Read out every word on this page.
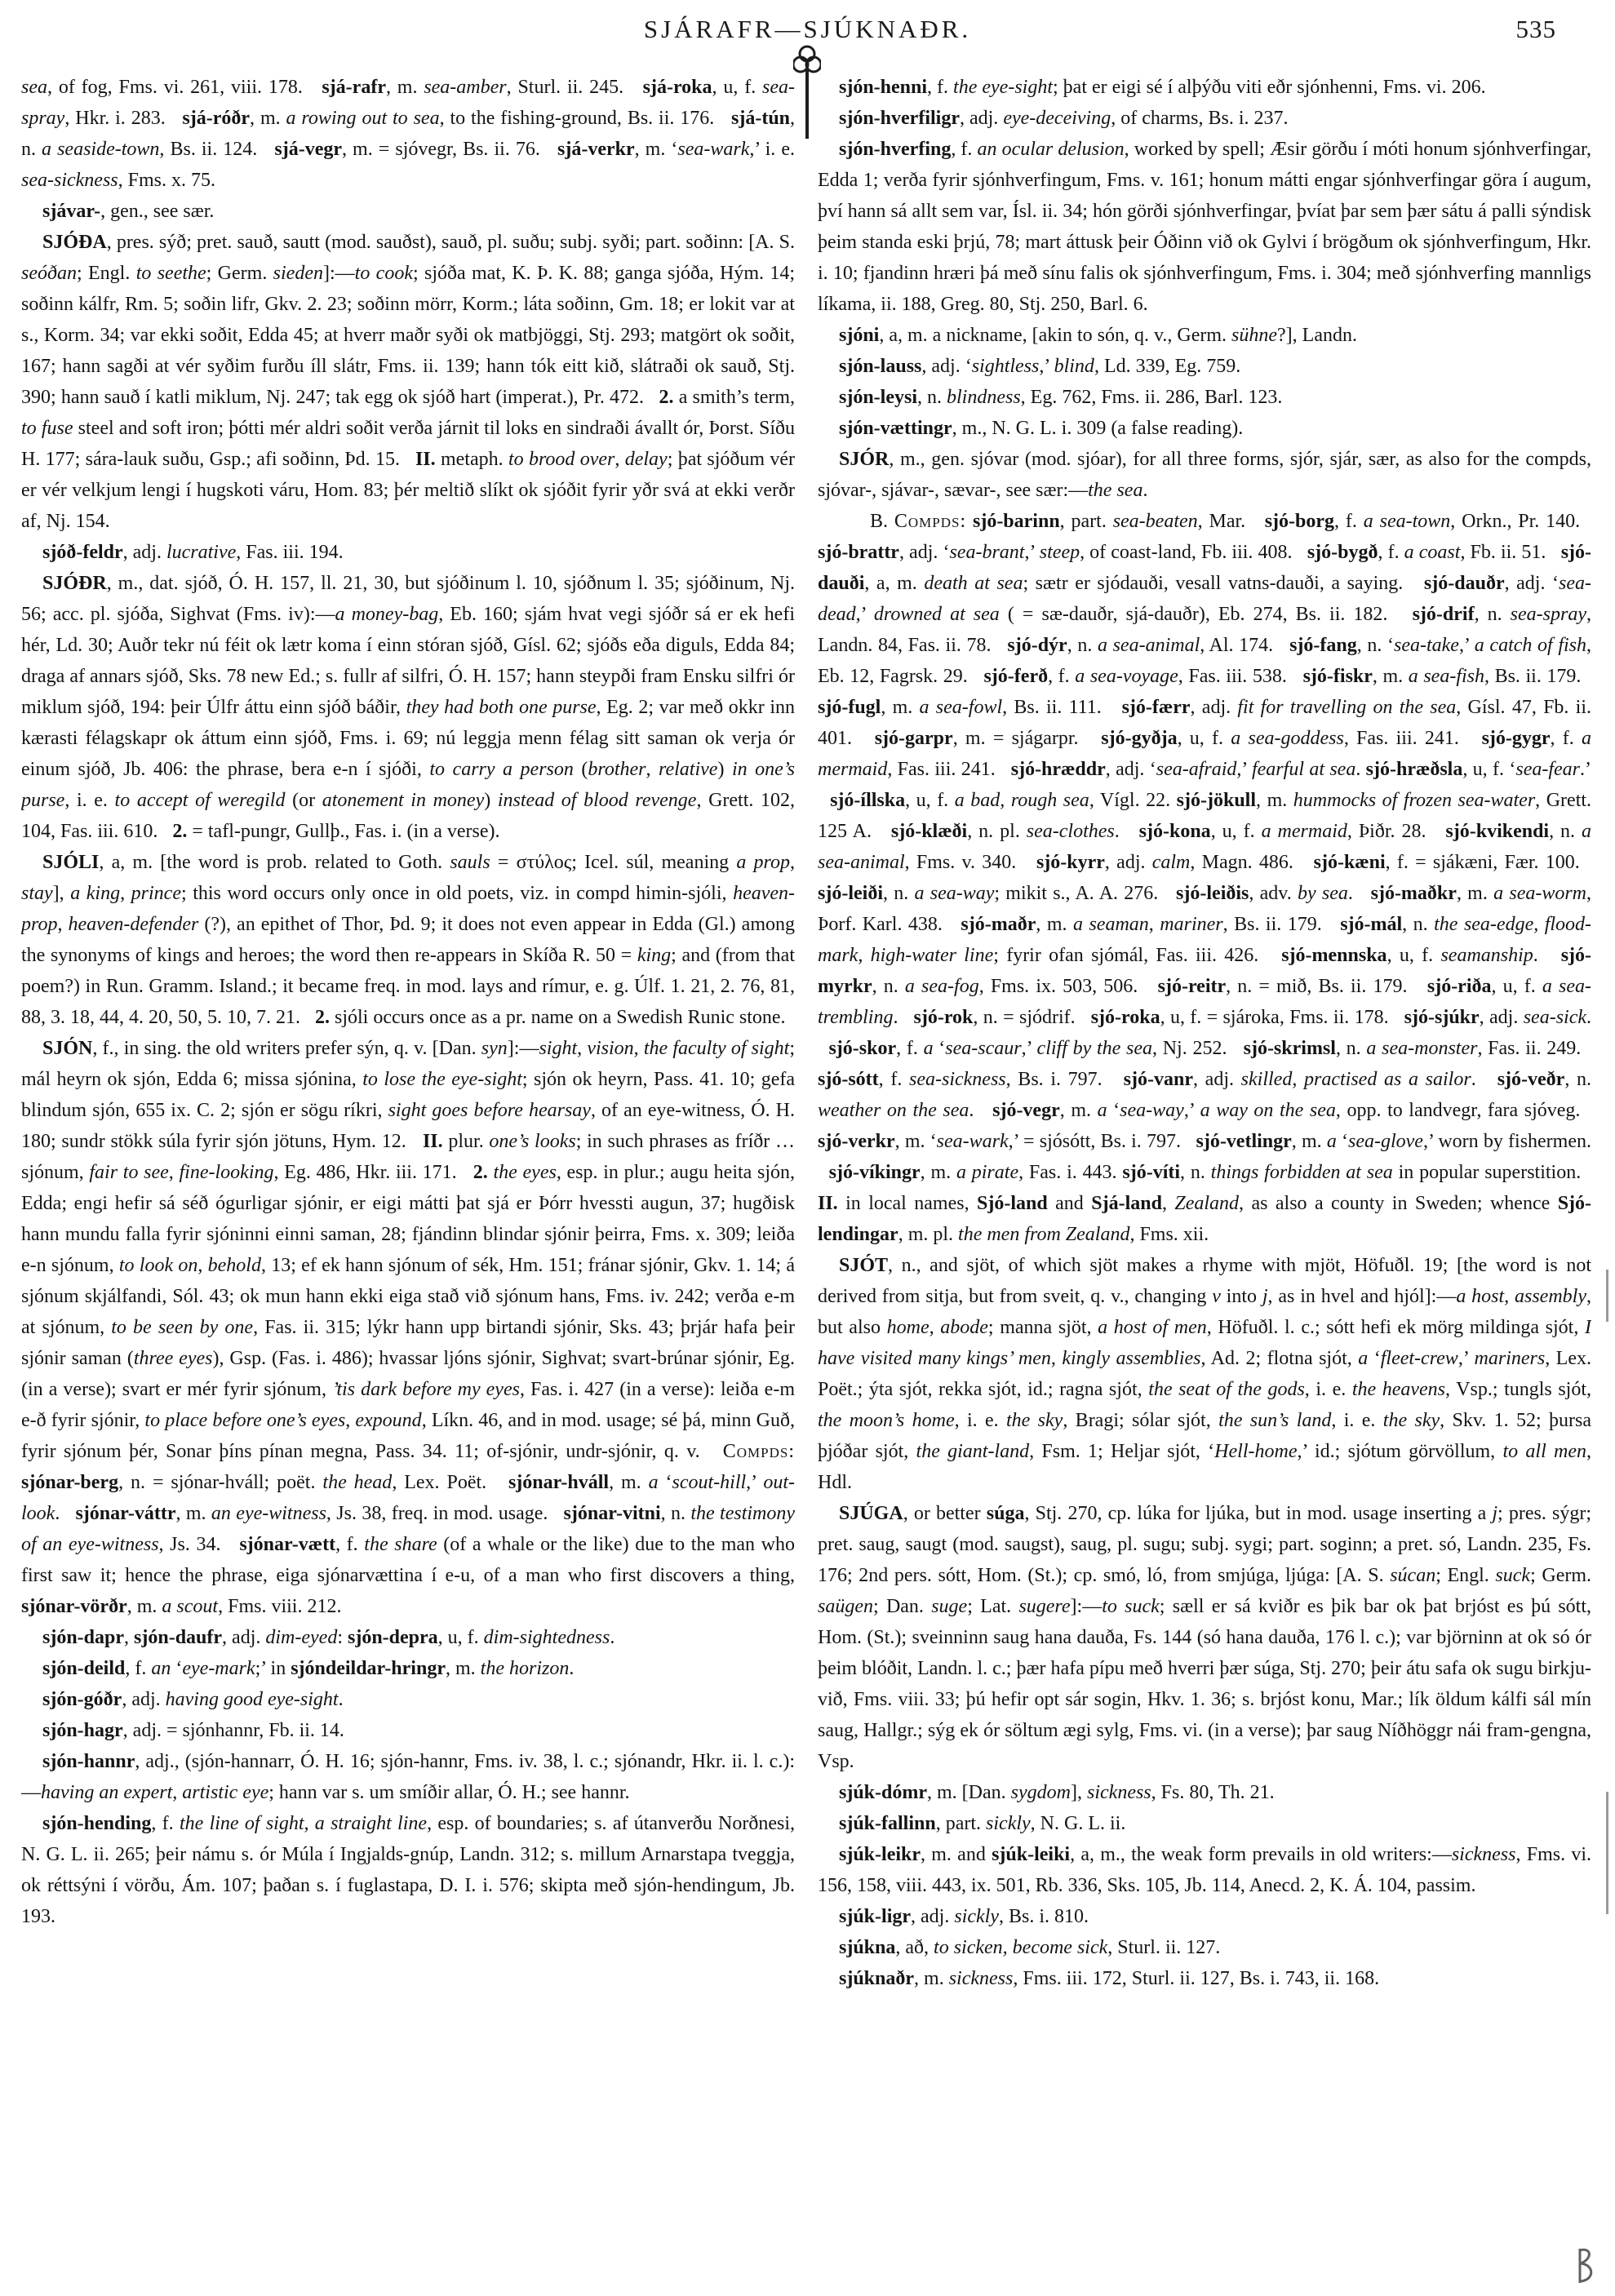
SJÁRAFR—SJÚKNAÐR.	535

sea, of fog, Fms. vi. 261, viii. 178.   sjá-rafr, m. sea-amber, Sturl. ii. 245.   sjá-roka, u, f. sea-spray, Hkr. i. 283.   sjá-róðr, m. a rowing out to sea, to the fishing-ground, Bs. ii. 176.   sjá-tún, n. a seaside-town, Bs. ii. 124.   sjá-vegr, m. = sjóvegr, Bs. ii. 76.   sjá-verkr, m. ‘sea-wark,’ i. e. sea-sickness, Fms. x. 75.

sjávar-, gen., see sær.

SJÓÐA, pres. sýð; pret. sauð, sautt (mod. sauðst), sauð, pl. suðu; subj. syði; part. soðinn: [A. S. seóðan; Engl. to seethe; Germ. sieden]:—to cook; sjóða mat, K. Þ. K. 88; ganga sjóða, Hým. 14; soðinn kálfr, Rm. 5; soðin lifr, Gkv. 2. 23; soðinn mörr, Korm.; láta soðinn, Gm. 18; er lokit var at s., Korm. 34; var ekki soðit, Edda 45; at hverr maðr syði ok matbjöggi, Stj. 293; matgört ok soðit, 167; hann sagði at vér syðim furðu íll slátr, Fms. ii. 139; hann tók eitt kið, slátraði ok sauð, Stj. 390; hann sauð í katli miklum, Nj. 247; tak egg ok sjóð hart (imperat.), Pr. 472.   2. a smith’s term, to fuse steel and soft iron; þótti mér aldri soðit verða járnit til loks en sindraði ávallt ór, Þorst. Síðu H. 177; sára-lauk suðu, Gsp.; afi soðinn, Þd. 15.   II. metaph. to brood over, delay; þat sjóðum vér er vér velkjum lengi í hugskoti váru, Hom. 83; þér meltið slíkt ok sjóðit fyrir yðr svá at ekki verðr af, Nj. 154.

sjóð-feldr, adj. lucrative, Fas. iii. 194.

SJÓÐR, m., dat. sjóð, Ó. H. 157, ll. 21, 30, but sjóðinum l. 10, sjóðnum l. 35; sjóðinum, Nj. 56; acc. pl. sjóða, Sighvat (Fms. iv):—a money-bag, Eb. 160; sjám hvat vegi sjóðr sá er ek hefi hér, Ld. 30; Auðr tekr nú féit ok lætr koma í einn stóran sjóð, Gísl. 62; sjóðs eða diguls, Edda 84; draga af annars sjóð, Sks. 78 new Ed.; s. fullr af silfri, Ó. H. 157; hann steypði fram Ensku silfri ór miklum sjóð, 194: þeir Úlfr áttu einn sjóð báðir, they had both one purse, Eg. 2; var með okkr inn kærasti félagskapr ok áttum einn sjóð, Fms. i. 69; nú leggja menn félag sitt saman ok verja ór einum sjóð, Jb. 406: the phrase, bera e-n í sjóði, to carry a person (brother, relative) in one’s purse, i. e. to accept of weregild (or atonement in money) instead of blood revenge, Grett. 102, 104, Fas. iii. 610.   2. = tafl-pungr, Gullþ., Fas. i. (in a verse).

SJÓLI, a, m. [the word is prob. related to Goth. sauls = στύλος; Icel. súl, meaning a prop, stay], a king, prince; this word occurs only once in old poets, viz. in compd himin-sjóli, heaven-prop, heaven-defender (?), an epithet of Thor, Þd. 9; it does not even appear in Edda (Gl.) among the synonyms of kings and heroes; the word then re-appears in Skíða R. 50 = king; and (from that poem?) in Run. Gramm. Island.; it became freq. in mod. lays and rímur, e. g. Úlf. 1. 21, 2. 76, 81, 88, 3. 18, 44, 4. 20, 50, 5. 10, 7. 21.   2. sjóli occurs once as a pr. name on a Swedish Runic stone.

SJÓN, f., in sing. the old writers prefer sýn, q. v. [Dan. syn]:—sight, vision, the faculty of sight; mál heyrn ok sjón, Edda 6; missa sjónina, to lose the eye-sight; sjón ok heyrn, Pass. 41. 10; gefa blindum sjón, 655 ix. C. 2; sjón er sögu ríkri, sight goes before hearsay, of an eye-witness, Ó. H. 180; sundr stökk súla fyrir sjón jötuns, Hym. 12.   II. plur. one’s looks; in such phrases as fríðr … sjónum, fair to see, fine-looking, Eg. 486, Hkr. iii. 171.   2. the eyes, esp. in plur.; augu heita sjón, Edda; engi hefir sá séð ógurligar sjónir, er eigi mátti þat sjá er Þórr hvessti augun, 37; hugðisk hann mundu falla fyrir sjóninni einni saman, 28; fjándinn blindar sjónir þeirra, Fms. x. 309; leiða e-n sjónum, to look on, behold, 13; ef ek hann sjónum of sék, Hm. 151; fránar sjónir, Gkv. 1. 14; á sjónum skjálfandi, Sól. 43; ok mun hann ekki eiga stað við sjónum hans, Fms. iv. 242; verða e-m at sjónum, to be seen by one, Fas. ii. 315; lýkr hann upp birtandi sjónir, Sks. 43; þrjár hafa þeir sjónir saman (three eyes), Gsp. (Fas. i. 486); hvassar ljóns sjónir, Sighvat; svart-brúnar sjónir, Eg. (in a verse); svart er mér fyrir sjónum, ’tis dark before my eyes, Fas. i. 427 (in a verse): leiða e-m e-ð fyrir sjónir, to place before one’s eyes, expound, Líkn. 46, and in mod. usage; sé þá, minn Guð, fyrir sjónum þér, Sonar þíns pínan megna, Pass. 34. 11; of-sjónir, undr-sjónir, q. v.   Compds: sjónar-berg, n. = sjónar-hváll; poët. the head, Lex. Poët.   sjónar-hváll, m. a ‘scout-hill,’ out-look.   sjónar-váttr, m. an eye-witness, Js. 38, freq. in mod. usage.   sjónar-vitni, n. the testimony of an eye-witness, Js. 34.   sjónar-vætt, f. the share (of a whale or the like) due to the man who first saw it; hence the phrase, eiga sjónarvættina í e-u, of a man who first discovers a thing, sjónar-vörðr, m. a scout, Fms. viii. 212.

sjón-dapr, sjón-daufr, adj. dim-eyed: sjón-depra, u, f. dim-sightedness.

sjón-deild, f. an ‘eye-mark;’ in sjóndeildar-hringr, m. the horizon.

sjón-góðr, adj. having good eye-sight.

sjón-hagr, adj. = sjónhannr, Fb. ii. 14.

sjón-hannr, adj., (sjón-hannarr, Ó. H. 16; sjón-hannr, Fms. iv. 38, l. c.; sjónandr, Hkr. ii. l. c.):—having an expert, artistic eye; hann var s. um smíðir allar, Ó. H.; see hannr.

sjón-hending, f. the line of sight, a straight line, esp. of boundaries; s. af útanverðu Norðnesi, N. G. L. ii. 265; þeir námu s. ór Múla í Ingjalds-gnúp, Landn. 312; s. millum Arnarstapa tveggja, ok réttsýni í vörðu, Ám. 107; þaðan s. í fuglastapa, D. I. i. 576; skipta með sjón-hendingum, Jb. 193.

sjón-henni, f. the eye-sight; þat er eigi sé í alþýðu viti eðr sjónhenni, Fms. vi. 206.

sjón-hverfiligr, adj. eye-deceiving, of charms, Bs. i. 237.

sjón-hverfing, f. an ocular delusion, worked by spell; Æsir görðu í móti honum sjónhverfingar, Edda 1; verða fyrir sjónhverfingum, Fms. v. 161; honum mátti engar sjónhverfingar göra í augum, því hann sá allt sem var, Ísl. ii. 34; hón görði sjónhverfingar, þvíat þar sem þær sátu á palli sýndisk þeim standa eski þrjú, 78; mart áttusk þeir Óðinn við ok Gylvi í brögðum ok sjónhverfingum, Hkr. i. 10; fjandinn hræri þá með sínu falis ok sjónhverfingum, Fms. i. 304; með sjónhverfing mannligs líkama, ii. 188, Greg. 80, Stj. 250, Barl. 6.

sjóni, a, m. a nickname, [akin to són, q. v., Germ. sühne?], Landn.

sjón-lauss, adj. ‘sightless,’ blind, Ld. 339, Eg. 759.

sjón-leysi, n. blindness, Eg. 762, Fms. ii. 286, Barl. 123.

sjón-vættingr, m., N. G. L. i. 309 (a false reading).

SJÓR, m., gen. sjóvar (mod. sjóar), for all three forms, sjór, sjár, sær, as also for the compds, sjóvar-, sjávar-, sævar-, see sær:—the sea.

B. Compds: sjó-barinn, part. sea-beaten, Mar.   sjó-borg, f. a sea-town, Orkn., Pr. 140.   sjó-brattr, adj. ‘sea-brant,’ steep, of coast-land, Fb. iii. 408.   sjó-bygð, f. a coast, Fb. ii. 51.   sjó-dauði, a, m. death at sea; sætr er sjódauði, vesall vatns-dauði, a saying.   sjó-dauðr, adj. ‘sea-dead,’ drowned at sea ( = sæ-dauðr, sjá-dauðr), Eb. 274, Bs. ii. 182.   sjó-drif, n. sea-spray, Landn. 84, Fas. ii. 78.   sjó-dýr, n. a sea-animal, Al. 174.   sjó-fang, n. ‘sea-take,’ a catch of fish, Eb. 12, Fagrsk. 29.   sjó-ferð, f. a sea-voyage, Fas. iii. 538.   sjó-fiskr, m. a sea-fish, Bs. ii. 179.   sjó-fugl, m. a sea-fowl, Bs. ii. 111.   sjó-færr, adj. fit for travelling on the sea, Gísl. 47, Fb. ii. 401.   sjó-garpr, m. = sjágarpr.   sjó-gyðja, u, f. a sea-goddess, Fas. iii. 241.   sjó-gygr, f. a mermaid, Fas. iii. 241.   sjó-hræddr, adj. ‘sea-afraid,’ fearful at sea. sjó-hræðsla, u, f. ‘sea-fear.’   sjó-íllska, u, f. a bad, rough sea, Vígl. 22. sjó-jökull, m. hummocks of frozen sea-water, Grett. 125 A.   sjó-klæði, n. pl. sea-clothes.   sjó-kona, u, f. a mermaid, Þiðr. 28.   sjó-kvikendi, n. a sea-animal, Fms. v. 340.   sjó-kyrr, adj. calm, Magn. 486.   sjó-kæni, f. = sjákæni, Fær. 100.   sjó-leiði, n. a sea-way; mikit s., A. A. 276.   sjó-leiðis, adv. by sea.   sjó-maðkr, m. a sea-worm, Þorf. Karl. 438.   sjó-maðr, m. a seaman, mariner, Bs. ii. 179.   sjó-mál, n. the sea-edge, flood-mark, high-water line; fyrir ofan sjómál, Fas. iii. 426.   sjó-mennska, u, f. seamanship.   sjó-myrkr, n. a sea-fog, Fms. ix. 503, 506.   sjó-reitr, n. = mið, Bs. ii. 179.   sjó-riða, u, f. a sea-trembling.   sjó-rok, n. = sjódrif.   sjó-roka, u, f. = sjároka, Fms. ii. 178.   sjó-sjúkr, adj. sea-sick.   sjó-skor, f. a ‘sea-scaur,’ cliff by the sea, Nj. 252.   sjó-skrimsl, n. a sea-monster, Fas. ii. 249.   sjó-sótt, f. sea-sickness, Bs. i. 797.   sjó-vanr, adj. skilled, practised as a sailor.   sjó-veðr, n. weather on the sea.   sjó-vegr, m. a ‘sea-way,’ a way on the sea, opp. to landvegr, fara sjóveg.   sjó-verkr, m. ‘sea-wark,’ = sjósótt, Bs. i. 797.   sjó-vetlingr, m. a ‘sea-glove,’ worn by fishermen.   sjó-víkingr, m. a pirate, Fas. i. 443. sjó-víti, n. things forbidden at sea in popular superstition.   II. in local names, Sjó-land and Sjá-land, Zealand, as also a county in Sweden; whence Sjó-lendingar, m. pl. the men from Zealand, Fms. xii.

SJÓT, n., and sjöt, of which sjöt makes a rhyme with mjöt, Höfuðl. 19; [the word is not derived from sitja, but from sveit, q. v., changing v into j, as in hvel and hjól]:—a host, assembly, but also home, abode; manna sjöt, a host of men, Höfuðl. l. c.; sótt hefi ek mörg mildinga sjót, I have visited many kings’ men, kingly assemblies, Ad. 2; flotna sjót, a ‘fleet-crew,’ mariners, Lex. Poët.; ýta sjót, rekka sjót, id.; ragna sjót, the seat of the gods, i. e. the heavens, Vsp.; tungls sjót, the moon’s home, i. e. the sky, Bragi; sólar sjót, the sun’s land, i. e. the sky, Skv. 1. 52; þursa þjóðar sjót, the giant-land, Fsm. 1; Heljar sjót, ‘Hell-home,’ id.; sjótum görvöllum, to all men, Hdl.

SJÚGA, or better súga, Stj. 270, cp. lúka for ljúka, but in mod. usage inserting a j; pres. sýgr; pret. saug, saugt (mod. saugst), saug, pl. sugu; subj. sygi; part. soginn; a pret. só, Landn. 235, Fs. 176; 2nd pers. sótt, Hom. (St.); cp. smó, ló, from smjúga, ljúga: [A. S. súcan; Engl. suck; Germ. saügen; Dan. suge; Lat. sugere]:—to suck; sæll er sá kviðr es þik bar ok þat brjóst es þú sótt, Hom. (St.); sveinninn saug hana dauða, Fs. 144 (só hana dauða, 176 l. c.); var björninn at ok só ór þeim blóðit, Landn. l. c.; þær hafa pípu með hverri þær súga, Stj. 270; þeir átu safa ok sugu birkju-við, Fms. viii. 33; þú hefir opt sár sogin, Hkv. 1. 36; s. brjóst konu, Mar.; lík öldum kálfi sál mín saug, Hallgr.; sýg ek ór söltum ægi sylg, Fms. vi. (in a verse); þar saug Níðhöggr nái fram-gengna, Vsp.

sjúk-dómr, m. [Dan. sygdom], sickness, Fs. 80, Th. 21.

sjúk-fallinn, part. sickly, N. G. L. ii.

sjúk-leikr, m. and sjúk-leiki, a, m., the weak form prevails in old writers:—sickness, Fms. vi. 156, 158, viii. 443, ix. 501, Rb. 336, Sks. 105, Jb. 114, Anecd. 2, K. Á. 104, passim.

sjúk-ligr, adj. sickly, Bs. i. 810.

sjúkna, að, to sicken, become sick, Sturl. ii. 127.

sjúknaðr, m. sickness, Fms. iii. 172, Sturl. ii. 127, Bs. i. 743, ii. 168.
